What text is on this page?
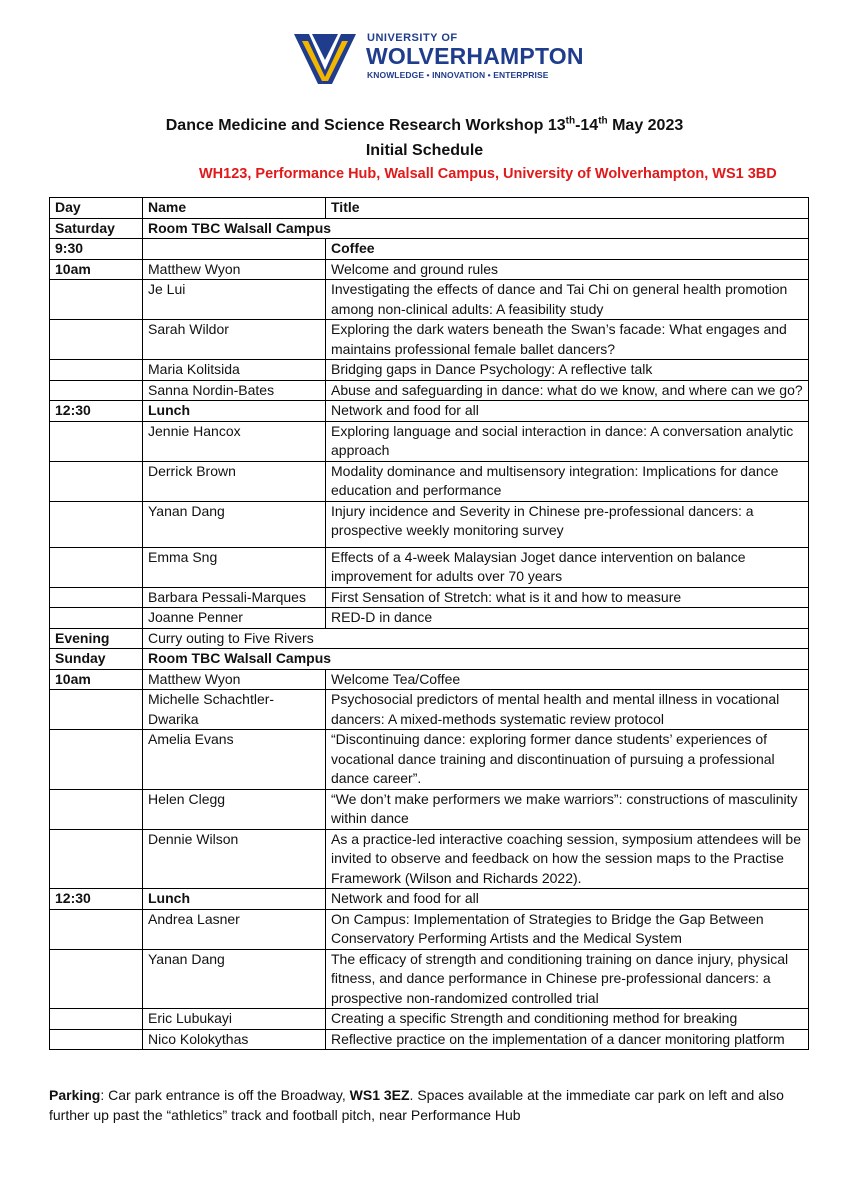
UNIVERSITY OF
WOLVERHAMPTON
KNOWLEDGE • INNOVATION • ENTERPRISE
Dance Medicine and Science Research Workshop 13th-14th May 2023
Initial Schedule
WH123, Performance Hub, Walsall Campus, University of Wolverhampton, WS1 3BD
Day	Name	Title
Saturday	Room TBC Walsall Campus	
9:30		Coffee
10am	Matthew Wyon	Welcome and ground rules
	Je Lui	Investigating the effects of dance and Tai Chi on general health promotion among non-clinical adults: A feasibility study
	Sarah Wildor	Exploring the dark waters beneath the Swan’s facade: What engages and maintains professional female ballet dancers?
	Maria Kolitsida	Bridging gaps in Dance Psychology: A reflective talk
	Sanna Nordin-Bates	Abuse and safeguarding in dance: what do we know, and where can we go?
12:30	Lunch	Network and food for all
	Jennie Hancox	Exploring language and social interaction in dance: A conversation analytic approach
	Derrick Brown	Modality dominance and multisensory integration: Implications for dance education and performance
	Yanan Dang	Injury incidence and Severity in Chinese pre-professional dancers: a prospective weekly monitoring survey
	Emma Sng	Effects of a 4-week Malaysian Joget dance intervention on balance improvement for adults over 70 years
	Barbara Pessali-Marques	First Sensation of Stretch: what is it and how to measure
	Joanne Penner	RED-D in dance
Evening	Curry outing to Five Rivers	
Sunday	Room TBC Walsall Campus	
10am	Matthew Wyon	Welcome Tea/Coffee
	Michelle Schachtler-Dwarika	Psychosocial predictors of mental health and mental illness in vocational dancers: A mixed-methods systematic review protocol
	Amelia Evans	“Discontinuing dance: exploring former dance students’ experiences of vocational dance training and discontinuation of pursuing a professional dance career”.
	Helen Clegg	“We don’t make performers we make warriors”: constructions of masculinity within dance
	Dennie Wilson	As a practice-led interactive coaching session, symposium attendees will be invited to observe and feedback on how the session maps to the Practise Framework (Wilson and Richards 2022).
12:30	Lunch	Network and food for all
	Andrea Lasner	On Campus: Implementation of Strategies to Bridge the Gap Between Conservatory Performing Artists and the Medical System
	Yanan Dang	The efficacy of strength and conditioning training on dance injury, physical fitness, and dance performance in Chinese pre-professional dancers: a prospective non-randomized controlled trial
	Eric Lubukayi	Creating a specific Strength and conditioning method for breaking
	Nico Kolokythas	Reflective practice on the implementation of a dancer monitoring platform
Parking: Car park entrance is off the Broadway, WS1 3EZ. Spaces available at the immediate car park on left and also further up past the “athletics” track and football pitch, near Performance Hub
